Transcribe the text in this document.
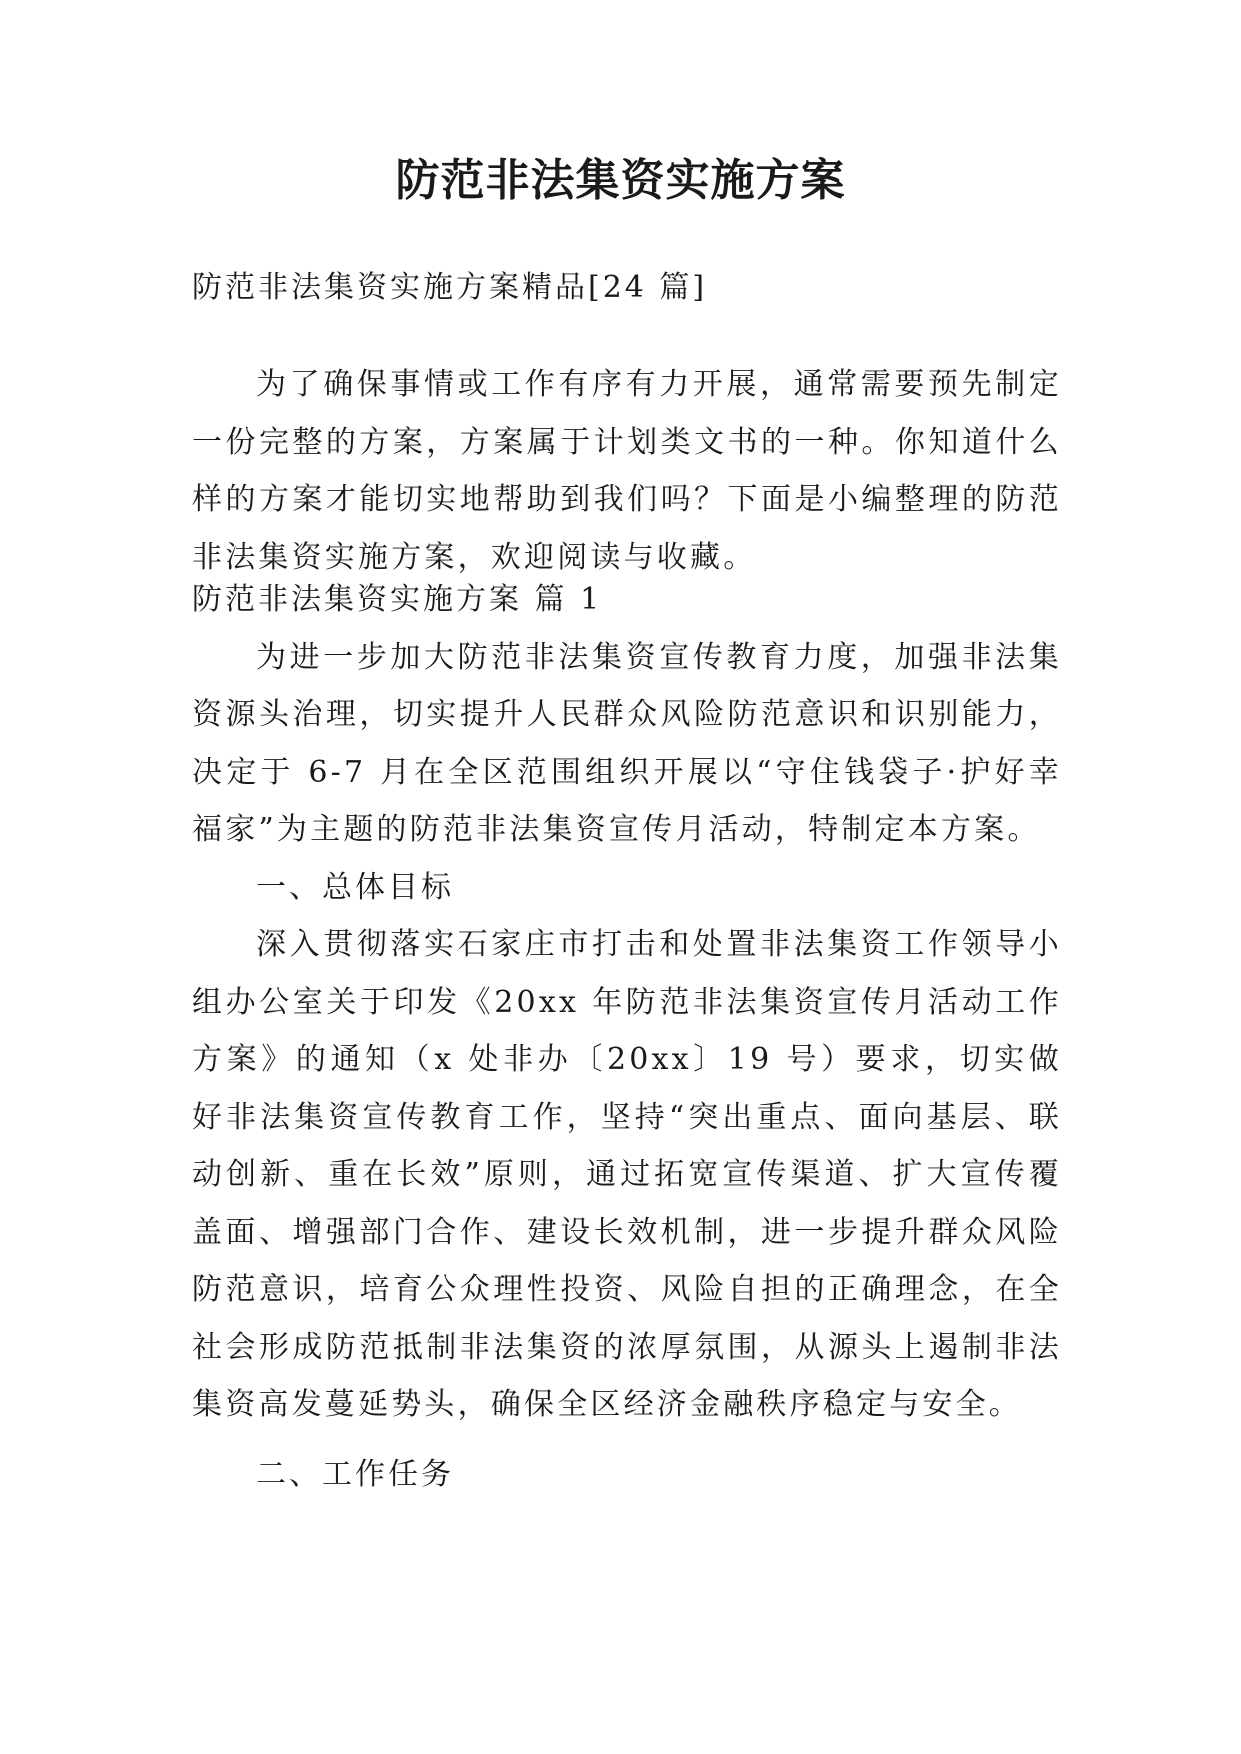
防范非法集资实施方案

防范非法集资实施方案精品[24 篇]

为了确保事情或工作有序有力开展，通常需要预先制定一份完整的方案，方案属于计划类文书的一种。你知道什么样的方案才能切实地帮助到我们吗？下面是小编整理的防范非法集资实施方案，欢迎阅读与收藏。

防范非法集资实施方案 篇 1

为进一步加大防范非法集资宣传教育力度，加强非法集资源头治理，切实提升人民群众风险防范意识和识别能力，决定于 6-7 月在全区范围组织开展以“守住钱袋子·护好幸福家”为主题的防范非法集资宣传月活动，特制定本方案。

一、总体目标

深入贯彻落实石家庄市打击和处置非法集资工作领导小组办公室关于印发《20xx 年防范非法集资宣传月活动工作方案》的通知（x 处非办〔20xx〕19 号）要求，切实做好非法集资宣传教育工作，坚持“突出重点、面向基层、联动创新、重在长效”原则，通过拓宽宣传渠道、扩大宣传覆盖面、增强部门合作、建设长效机制，进一步提升群众风险防范意识，培育公众理性投资、风险自担的正确理念，在全社会形成防范抵制非法集资的浓厚氛围，从源头上遏制非法集资高发蔓延势头，确保全区经济金融秩序稳定与安全。

二、工作任务
